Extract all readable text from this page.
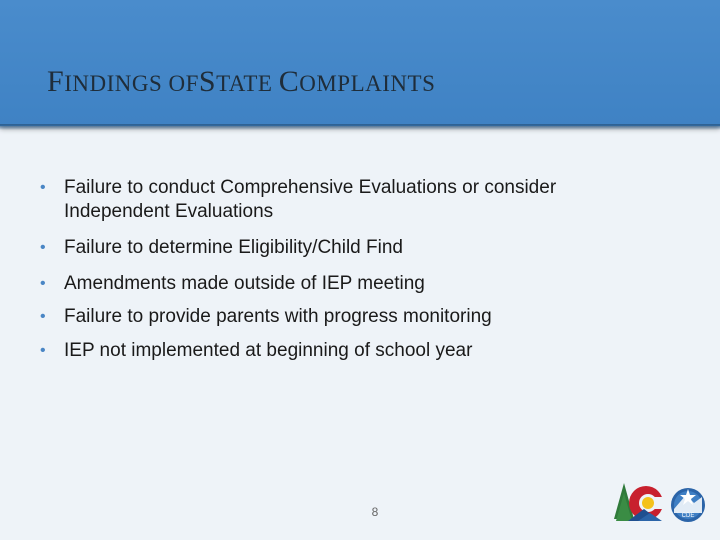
FINDINGS OFSTATE COMPLAINTS
• Failure to conduct Comprehensive Evaluations or consider Independent Evaluations
• Failure to determine Eligibility/Child Find
• Amendments made outside of IEP meeting
• Failure to provide parents with progress monitoring
• IEP not implemented at beginning of school year
8	CDE
